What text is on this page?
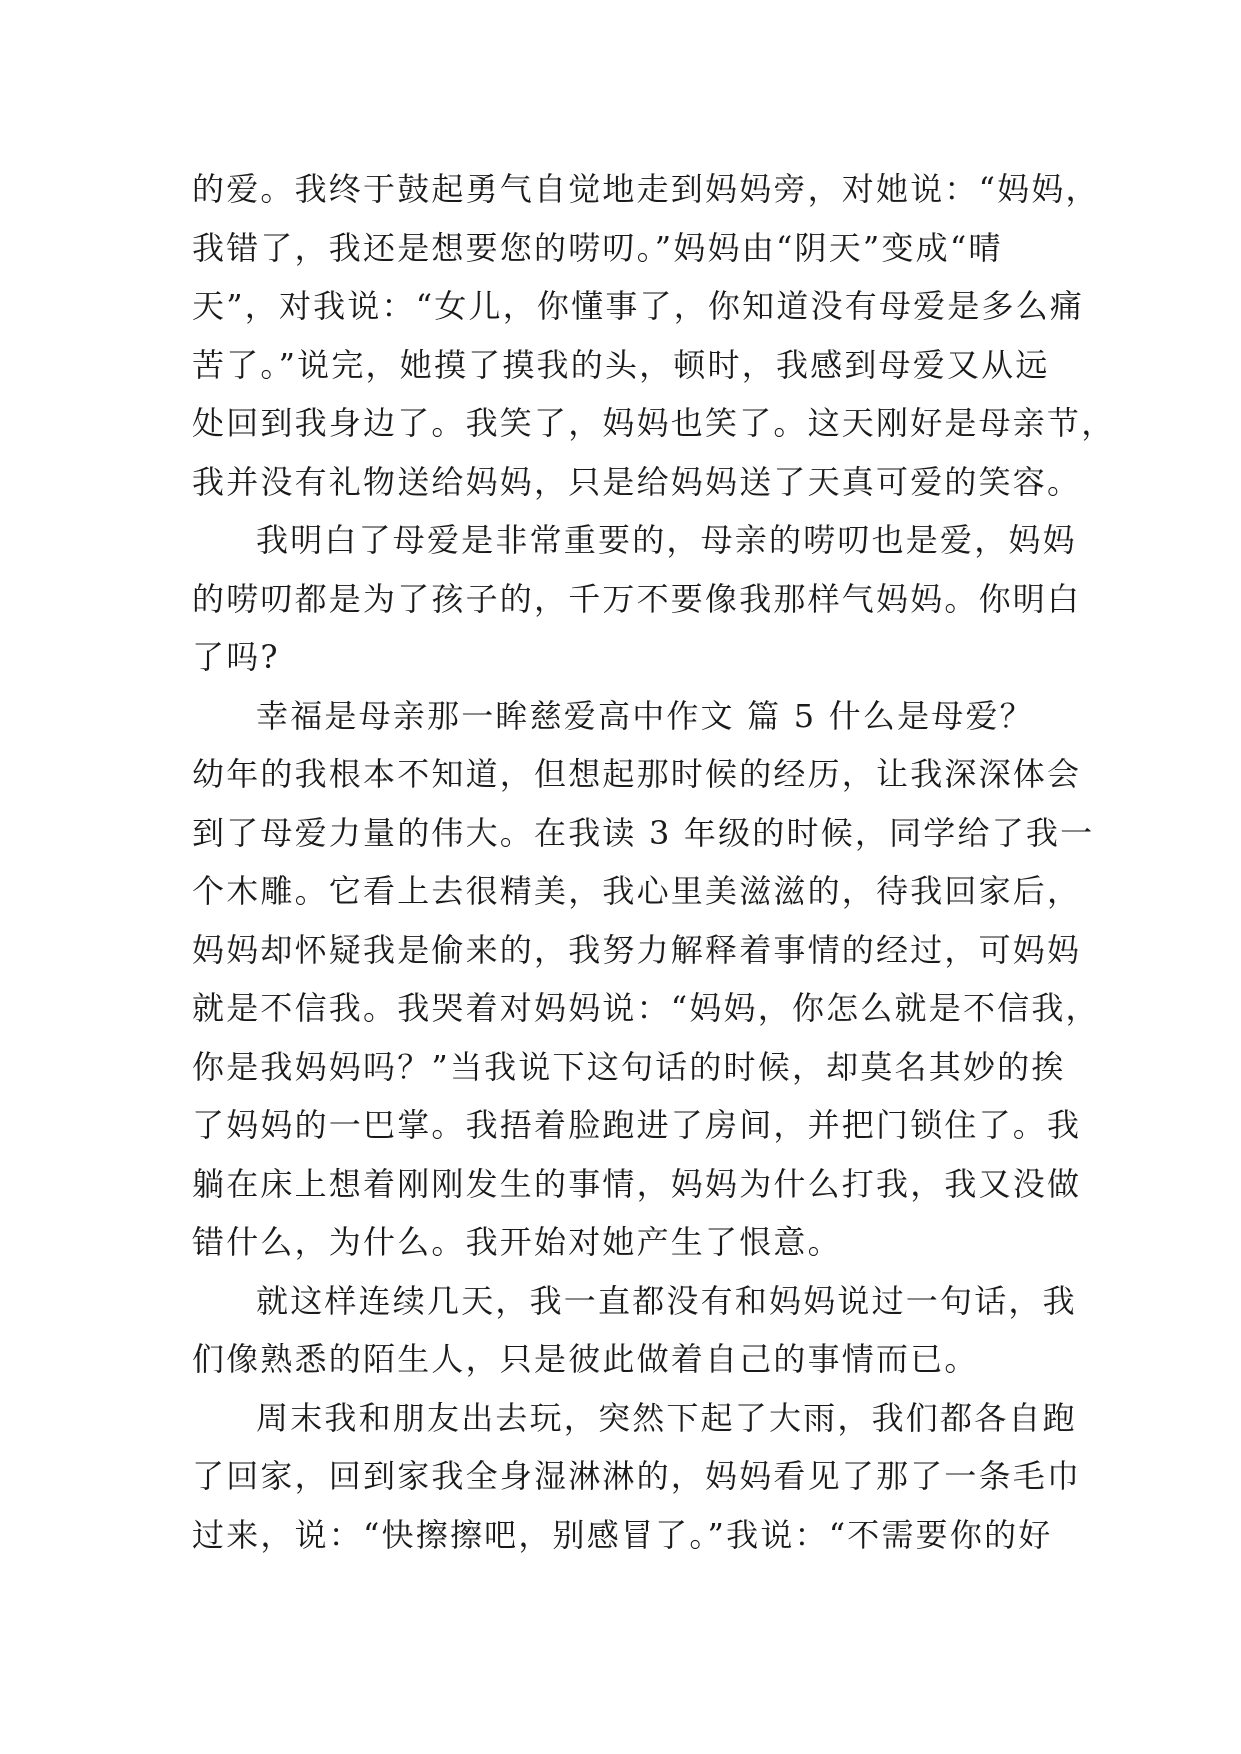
的爱。我终于鼓起勇气自觉地走到妈妈旁，对她说：“妈妈，
我错了，我还是想要您的唠叨。”妈妈由“阴天”变成“晴
天”，对我说：“女儿，你懂事了，你知道没有母爱是多么痛
苦了。”说完，她摸了摸我的头，顿时，我感到母爱又从远
处回到我身边了。我笑了，妈妈也笑了。这天刚好是母亲节，
我并没有礼物送给妈妈，只是给妈妈送了天真可爱的笑容。
我明白了母爱是非常重要的，母亲的唠叨也是爱，妈妈
的唠叨都是为了孩子的，千万不要像我那样气妈妈。你明白
了吗?
幸福是母亲那一眸慈爱高中作文 篇 5 什么是母爱？
幼年的我根本不知道，但想起那时候的经历，让我深深体会
到了母爱力量的伟大。在我读 3 年级的时候，同学给了我一
个木雕。它看上去很精美，我心里美滋滋的，待我回家后，
妈妈却怀疑我是偷来的，我努力解释着事情的经过，可妈妈
就是不信我。我哭着对妈妈说：“妈妈，你怎么就是不信我，
你是我妈妈吗？”当我说下这句话的时候，却莫名其妙的挨
了妈妈的一巴掌。我捂着脸跑进了房间，并把门锁住了。我
躺在床上想着刚刚发生的事情，妈妈为什么打我，我又没做
错什么，为什么。我开始对她产生了恨意。
就这样连续几天，我一直都没有和妈妈说过一句话，我
们像熟悉的陌生人，只是彼此做着自己的事情而已。
周末我和朋友出去玩，突然下起了大雨，我们都各自跑
了回家，回到家我全身湿淋淋的，妈妈看见了那了一条毛巾
过来，说：“快擦擦吧，别感冒了。”我说：“不需要你的好
